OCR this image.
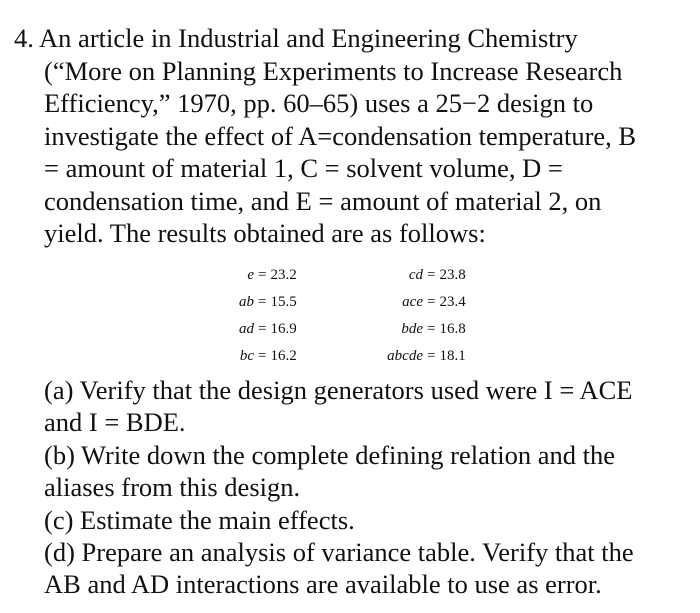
4. An article in Industrial and Engineering Chemistry
(“More on Planning Experiments to Increase Research
Efficiency,” 1970, pp. 60–65) uses a 25−2 design to
investigate the effect of A=condensation temperature, B
= amount of material 1, C = solvent volume, D =
condensation time, and E = amount of material 2, on
yield. The results obtained are as follows:
e = 23.2	cd = 23.8
ab = 15.5	ace = 23.4
ad = 16.9	bde = 16.8
bc = 16.2	abcde = 18.1
(a) Verify that the design generators used were I = ACE
and I = BDE.
(b) Write down the complete defining relation and the
aliases from this design.
(c) Estimate the main effects.
(d) Prepare an analysis of variance table. Verify that the
AB and AD interactions are available to use as error.
